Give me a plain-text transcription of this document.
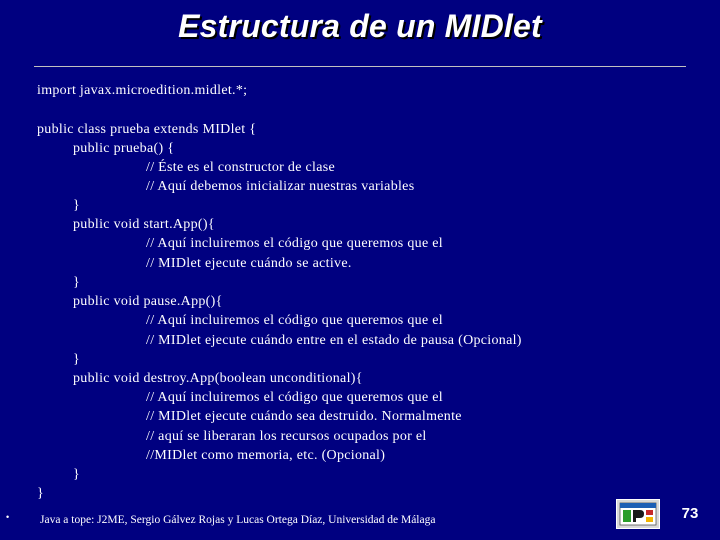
Estructura de un MIDlet
import javax.microedition.midlet.*;
public class prueba extends MIDlet {
public prueba() {
// Éste es el constructor de clase
// Aquí debemos inicializar nuestras variables
}
public void start.App(){
// Aquí incluiremos el código que queremos que el
// MIDlet ejecute cuándo se active.
}
public void pause.App(){
// Aquí incluiremos el código que queremos que el
// MIDlet ejecute cuándo entre en el estado de pausa (Opcional)
}
public void destroy.App(boolean unconditional){
// Aquí incluiremos el código que queremos que el
// MIDlet ejecute cuándo sea destruido. Normalmente
// aquí se liberaran los recursos ocupados por el
//MIDlet como memoria, etc. (Opcional)
}
}
•	Java a tope: J2ME, Sergio Gálvez Rojas y Lucas Ortega Díaz, Universidad de Málaga	73
